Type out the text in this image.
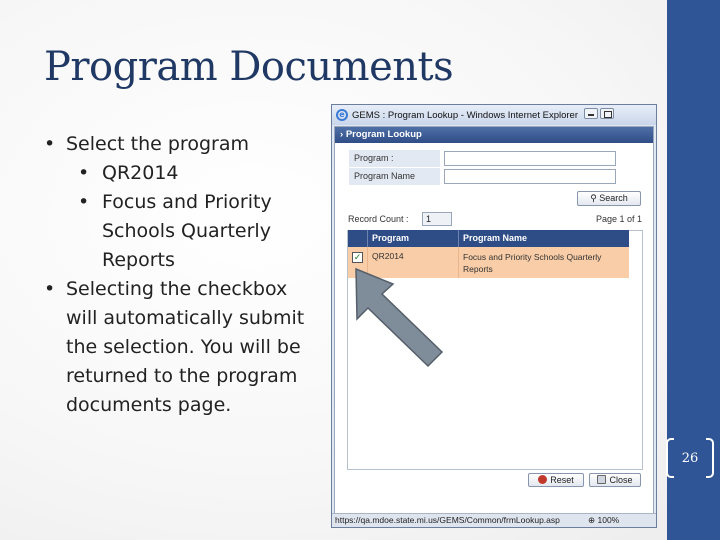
Program Documents
• Select the program
• QR2014
• Focus and Priority Schools Quarterly Reports
• Selecting the checkbox will automatically submit the selection. You will be returned to the program documents page.
26
e GEMS : Program Lookup - Windows Internet Explorer
› Program Lookup
Program :
Program Name
⚲ Search
Record Count :	1	Page 1 of 1
Program	Program Name
✓	QR2014	Focus and Priority Schools Quarterly Reports
Reset	Close
https://qa.mdoe.state.mi.us/GEMS/Common/frmLookup.asp	⊕ 100%
